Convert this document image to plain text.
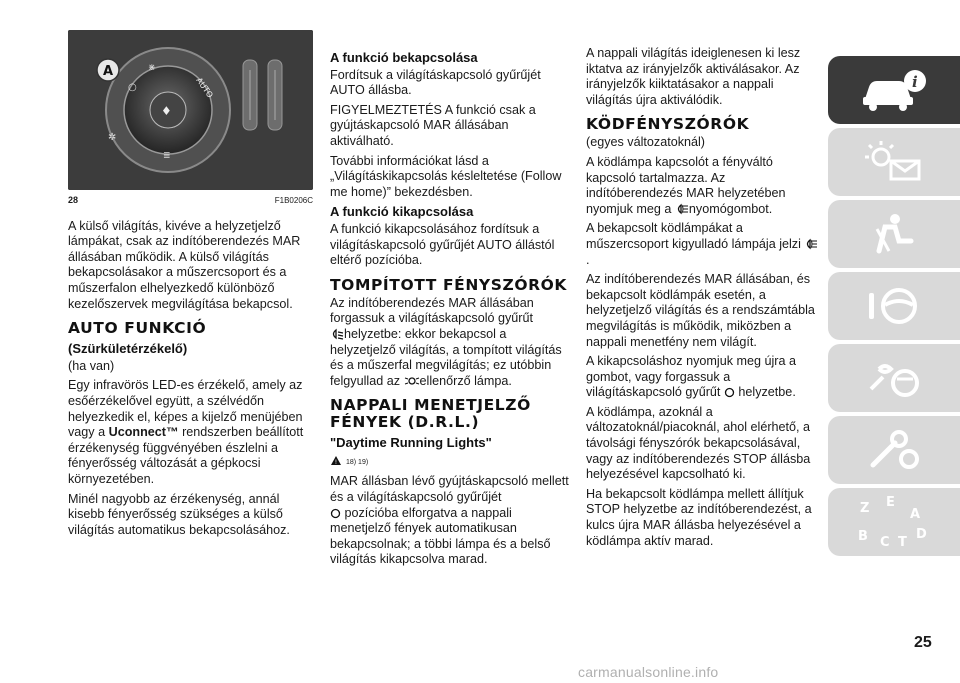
♦
○
⋇
✲
≣
AUTO
A
28	F1B0206C

A külső világítás, kivéve a helyzetjelző lámpákat, csak az indítóberendezés MAR állásában működik. A külső világítás bekapcsolásakor a műszercsoport és a műszerfalon elhelyezkedő különböző kezelőszervek megvilágítása bekapcsol.

AUTO FUNKCIÓ
(Szürkületérzékelő)

(ha van)

Egy infravörös LED-es érzékelő, amely az esőérzékelővel együtt, a szélvédőn helyezkedik el, képes a kijelző menüjében vagy a Uconnect™ rendszerben beállított érzékenység függvényében észlelni a fényerősség változását a gépkocsi környezetében.

Minél nagyobb az érzékenység, annál kisebb fényerősség szükséges a külső világítás automatikus bekapcsolásához.

A funkció bekapcsolása

Fordítsuk a világításkapcsoló gyűrűjét AUTO állásba.

FIGYELMEZTETÉS A funkció csak a gyújtáskapcsoló MAR állásában aktiválható.

További információkat lásd a „Világításkikapcsolás késleltetése (Follow me home)” bekezdésben.

A funkció kikapcsolása

A funkció kikapcsolásához fordítsuk a világításkapcsoló gyűrűjét AUTO állástól eltérő pozícióba.

TOMPÍTOTT FÉNYSZÓRÓK

Az indítóberendezés MAR állásában forgassuk a világításkapcsoló gyűrűt
helyzetbe: ekkor bekapcsol a helyzetjelző világítás, a tompított világítás és a műszerfal megvilágítás; ez utóbbin felgyullad az ellenőrző lámpa.

NAPPALI MENETJELZŐ FÉNYEK (D.R.L.)
"Daytime Running Lights"

! 18) 19)

MAR állásban lévő gyújtáskapcsoló mellett és a világításkapcsoló gyűrűjét
pozícióba elforgatva a nappali menetjelző fények automatikusan bekapcsolnak; a többi lámpa és a belső világítás kikapcsolva marad.

A nappali világítás ideiglenesen ki lesz iktatva az irányjelzők aktiválásakor. Az irányjelzők kiiktatásakor a nappali világítás újra aktiválódik.

KÖDFÉNYSZÓRÓK

(egyes változatoknál)

A ködlámpa kapcsolót a fényváltó kapcsoló tartalmazza. Az indítóberendezés MAR helyzetében nyomjuk meg a nyomógombot.

A bekapcsolt ködlámpákat a műszercsoport kigyulladó lámpája jelzi .

Az indítóberendezés MAR állásában, és bekapcsolt ködlámpák esetén, a helyzetjelző világítás és a rendszámtábla megvilágítás is működik, miközben a nappali menetfény nem világít.

A kikapcsoláshoz nyomjuk meg újra a gombot, vagy forgassuk a világításkapcsoló gyűrűt  helyzetbe.

A ködlámpa, azoknál a változatoknál/piacoknál, ahol elérhető, a távolsági fényszórók bekapcsolásával, vagy az indítóberendezés STOP állásba helyezésével kapcsolható ki.

Ha bekapcsolt ködlámpa mellett állítjuk STOP helyzetbe az indítóberendezést, a kulcs újra MAR állásba helyezésével a ködlámpa aktív marad.

i
Z E
A
B C T
D
25
carmanualsonline.info
